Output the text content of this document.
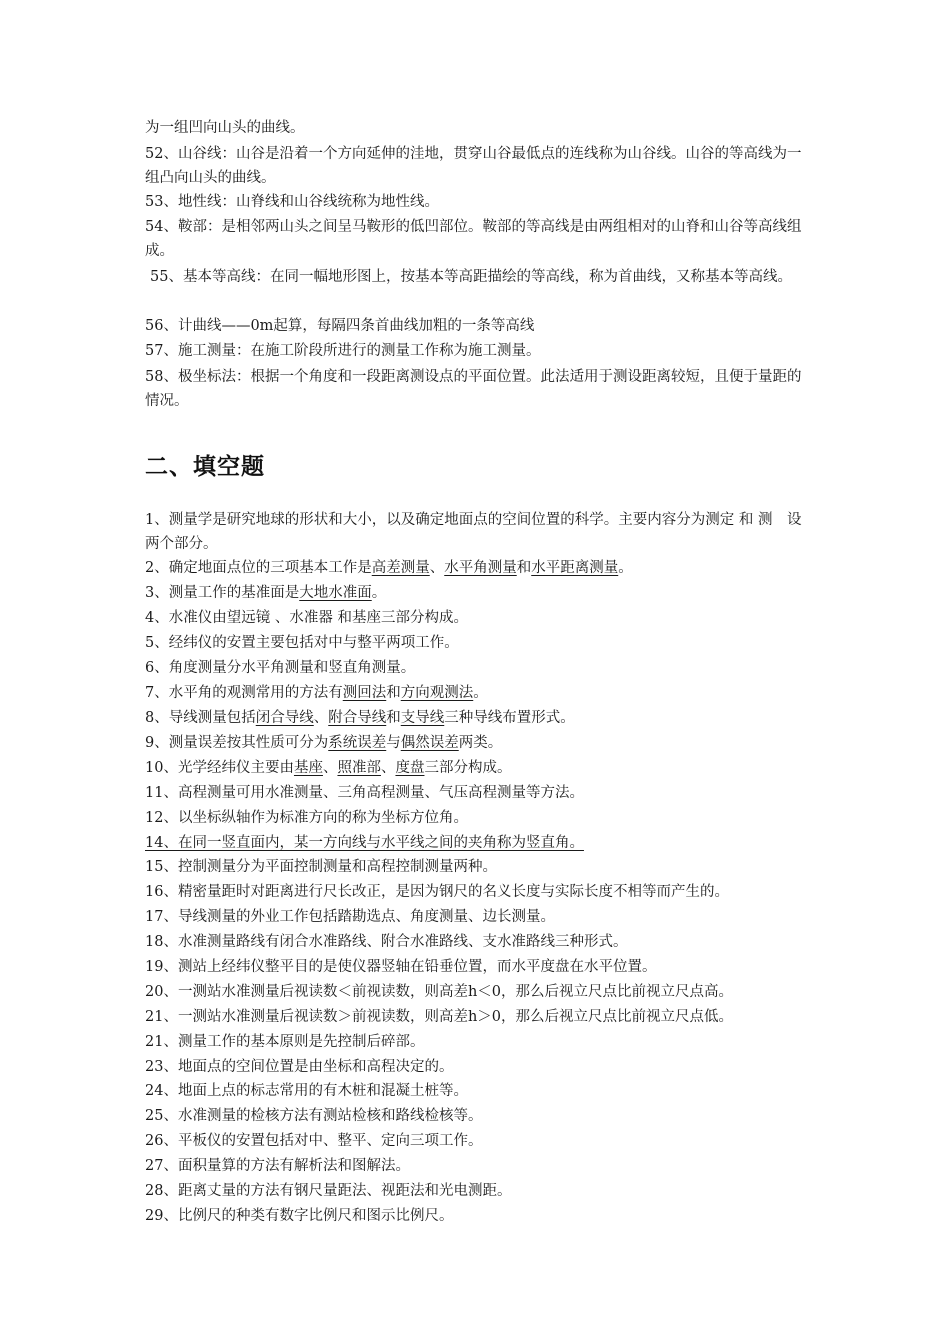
为一组凹向山头的曲线。
52、山谷线：山谷是沿着一个方向延伸的洼地，贯穿山谷最低点的连线称为山谷线。山谷的等高线为一组凸向山头的曲线。
53、地性线：山脊线和山谷线统称为地性线。
54、鞍部：是相邻两山头之间呈马鞍形的低凹部位。鞍部的等高线是由两组相对的山脊和山谷等高线组成。
55、基本等高线：在同一幅地形图上，按基本等高距描绘的等高线，称为首曲线，又称基本等高线。
56、计曲线——0m起算，每隔四条首曲线加粗的一条等高线
57、施工测量：在施工阶段所进行的测量工作称为施工测量。
58、极坐标法：根据一个角度和一段距离测设点的平面位置。此法适用于测设距离较短，且便于量距的情况。
二、填空题
1、测量学是研究地球的形状和大小，以及确定地面点的空间位置的科学。主要内容分为测定 和 测　设 两个部分。
2、确定地面点位的三项基本工作是高差测量、水平角测量和水平距离测量。
3、测量工作的基准面是大地水准面。
4、水准仪由望远镜 、水准器 和基座三部分构成。
5、经纬仪的安置主要包括对中与整平两项工作。
6、角度测量分水平角测量和竖直角测量。
7、水平角的观测常用的方法有测回法和方向观测法。
8、导线测量包括闭合导线、附合导线和支导线三种导线布置形式。
9、测量误差按其性质可分为系统误差与偶然误差两类。
10、光学经纬仪主要由基座、照准部、度盘三部分构成。
11、高程测量可用水准测量、三角高程测量、气压高程测量等方法。
12、以坐标纵轴作为标准方向的称为坐标方位角。
14、在同一竖直面内，某一方向线与水平线之间的夹角称为竖直角。
15、控制测量分为平面控制测量和高程控制测量两种。
16、精密量距时对距离进行尺长改正，是因为钢尺的名义长度与实际长度不相等而产生的。
17、导线测量的外业工作包括踏勘选点、角度测量、边长测量。
18、水准测量路线有闭合水准路线、附合水准路线、支水准路线三种形式。
19、测站上经纬仪整平目的是使仪器竖轴在铅垂位置，而水平度盘在水平位置。
20、一测站水准测量后视读数＜前视读数，则高差h＜0，那么后视立尺点比前视立尺点高。
21、一测站水准测量后视读数＞前视读数，则高差h＞0，那么后视立尺点比前视立尺点低。
21、测量工作的基本原则是先控制后碎部。
23、地面点的空间位置是由坐标和高程决定的。
24、地面上点的标志常用的有木桩和混凝土桩等。
25、水准测量的检核方法有测站检核和路线检核等。
26、平板仪的安置包括对中、整平、定向三项工作。
27、面积量算的方法有解析法和图解法。
28、距离丈量的方法有钢尺量距法、视距法和光电测距。
29、比例尺的种类有数字比例尺和图示比例尺。
